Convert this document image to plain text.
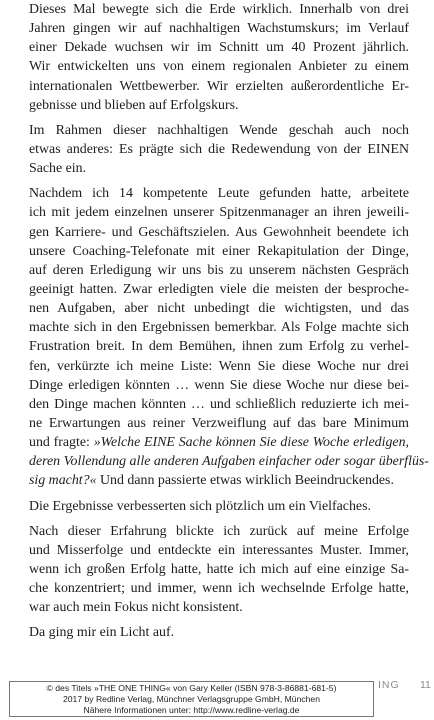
Dieses Mal bewegte sich die Erde wirklich. Innerhalb von drei
Jahren gingen wir auf nachhaltigen Wachstumskurs; im Verlauf
einer Dekade wuchsen wir im Schnitt um 40 Prozent jährlich.
Wir entwickelten uns von einem regionalen Anbieter zu einem
internationalen Wettbewerber. Wir erzielten außerordentliche Er-
gebnisse und blieben auf Erfolgskurs.
Im Rahmen dieser nachhaltigen Wende geschah auch noch
etwas anderes: Es prägte sich die Redewendung von der EINEN
Sache ein.
Nachdem ich 14 kompetente Leute gefunden hatte, arbeitete
ich mit jedem einzelnen unserer Spitzenmanager an ihren jeweili-
gen Karriere- und Geschäftszielen. Aus Gewohnheit beendete ich
unsere Coaching-Telefonate mit einer Rekapitulation der Dinge,
auf deren Erledigung wir uns bis zu unserem nächsten Gespräch
geeinigt hatten. Zwar erledigten viele die meisten der besproche-
nen Aufgaben, aber nicht unbedingt die wichtigsten, und das
machte sich in den Ergebnissen bemerkbar. Als Folge machte sich
Frustration breit. In dem Bemühen, ihnen zum Erfolg zu verhel-
fen, verkürzte ich meine Liste: Wenn Sie diese Woche nur drei
Dinge erledigen könnten … wenn Sie diese Woche nur diese bei-
den Dinge machen könnten … und schließlich reduzierte ich mei-
ne Erwartungen aus reiner Verzweiflung auf das bare Minimum
und fragte: »Welche EINE Sache können Sie diese Woche erledigen,
deren Vollendung alle anderen Aufgaben einfacher oder sogar überflüs-
sig macht?« Und dann passierte etwas wirklich Beeindruckendes.
Die Ergebnisse verbesserten sich plötzlich um ein Vielfaches.
Nach dieser Erfahrung blickte ich zurück auf meine Erfolge
und Misserfolge und entdeckte ein interessantes Muster. Immer,
wenn ich großen Erfolg hatte, hatte ich mich auf eine einzige Sa-
che konzentriert; und immer, wenn ich wechselnde Erfolge hatte,
war auch mein Fokus nicht konsistent.
Da ging mir ein Licht auf.
ING 11
© des Titels »THE ONE THING« von Gary Keller (ISBN 978-3-86881-681-5)
2017 by Redline Verlag, Münchner Verlagsgruppe GmbH, München
Nähere Informationen unter: http://www.redline-verlag.de
